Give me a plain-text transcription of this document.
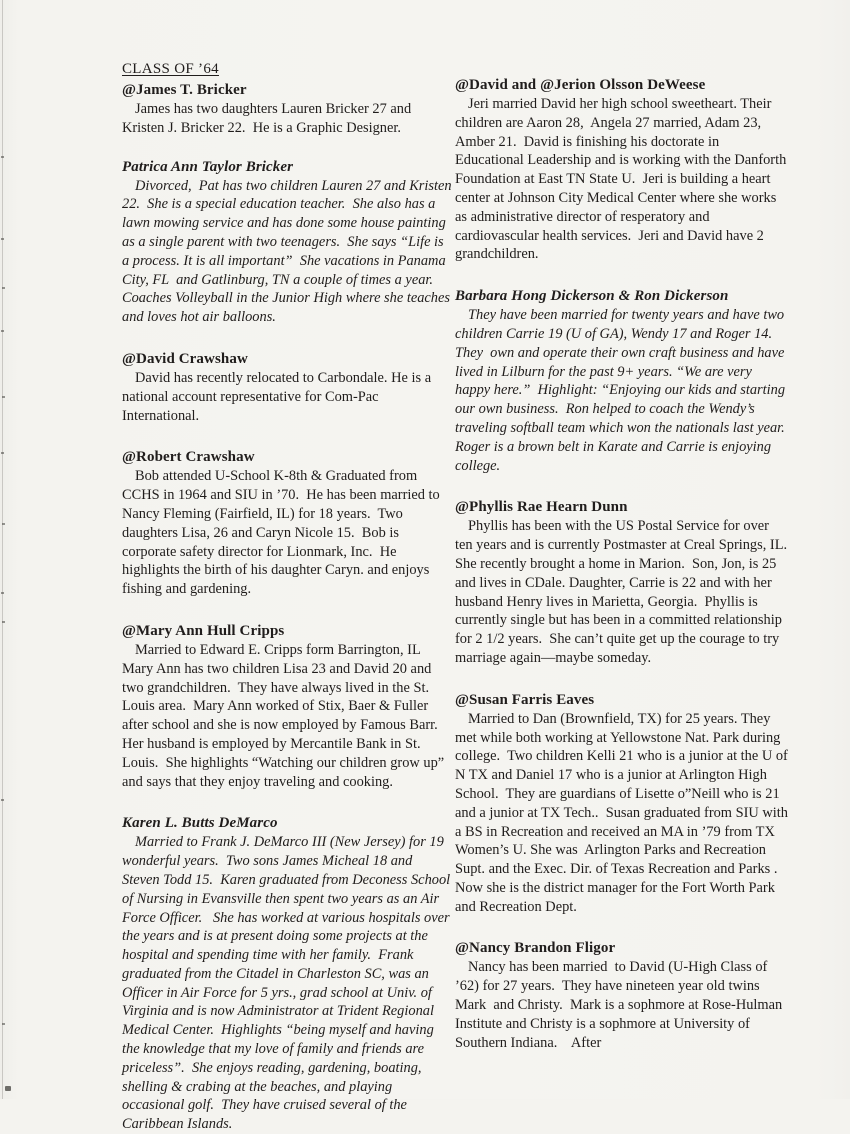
CLASS OF ’64

@James T. Bricker

James has two daughters Lauren Bricker 27 and Kristen J. Bricker 22.  He is a Graphic Designer.

Patrica Ann Taylor Bricker

Divorced,  Pat has two children Lauren 27 and Kristen 22.  She is a special education teacher.  She also has a lawn mowing service and has done some house painting as a single parent with two teenagers.  She says “Life is a process. It is all important”  She vacations in Panama City, FL  and Gatlinburg, TN a couple of times a year.  Coaches Volleyball in the Junior High where she teaches and loves hot air balloons.

@David Crawshaw

David has recently relocated to Carbondale. He is a national account representative for Com-Pac International.

@Robert Crawshaw

Bob attended U-School K-8th & Graduated from CCHS in 1964 and SIU in ’70.  He has been married to Nancy Fleming (Fairfield, IL) for 18 years.  Two daughters Lisa, 26 and Caryn Nicole 15.  Bob is corporate safety director for Lionmark, Inc.  He highlights the birth of his daughter Caryn. and enjoys fishing and gardening.

@Mary Ann Hull Cripps

Married to Edward E. Cripps form Barrington, IL  Mary Ann has two children Lisa 23 and David 20 and two grandchildren.  They have always lived in the St. Louis area.  Mary Ann worked of Stix, Baer & Fuller after school and she is now employed by Famous Barr.  Her husband is employed by Mercantile Bank in St. Louis.  She highlights “Watching our children grow up” and says that they enjoy traveling and cooking.

Karen L. Butts DeMarco

Married to Frank J. DeMarco III (New Jersey) for 19 wonderful years.  Two sons James Micheal 18 and Steven Todd 15.  Karen graduated from Deconess School of Nursing in Evansville then spent two years as an Air Force Officer.   She has worked at various hospitals over the years and is at present doing some projects at the hospital and spending time with her family.  Frank graduated from the Citadel in Charleston SC, was an Officer in Air Force for 5 yrs., grad school at Univ. of Virginia and is now Administrator at Trident Regional Medical Center.  Highlights “being myself and having the knowledge that my love of family and friends are priceless”.  She enjoys reading, gardening, boating, shelling & crabing at the beaches, and playing occasional golf.  They have cruised several of the  Caribbean Islands.

@David and @Jerion Olsson DeWeese

Jeri married David her high school sweetheart. Their children are Aaron 28,  Angela 27 married, Adam 23, Amber 21.  David is finishing his doctorate in Educational Leadership and is working with the Danforth Foundation at East TN State U.  Jeri is building a heart center at Johnson City Medical Center where she works as administrative director of resperatory and cardiovascular health services.  Jeri and David have 2 grandchildren.

Barbara Hong Dickerson & Ron Dickerson

They have been married for twenty years and have two children Carrie 19 (U of GA), Wendy 17 and Roger 14.  They  own and operate their own craft business and have lived in Lilburn for the past 9+ years. “We are very happy here.”  Highlight: “Enjoying our kids and starting our own business.  Ron helped to coach the Wendy’s traveling softball team which won the nationals last year.  Roger is a brown belt in Karate and Carrie is enjoying college.

@Phyllis Rae Hearn Dunn

Phyllis has been with the US Postal Service for over ten years and is currently Postmaster at Creal Springs, IL.  She recently brought a home in Marion.  Son, Jon, is 25 and lives in CDale. Daughter, Carrie is 22 and with her husband Henry lives in Marietta, Georgia.  Phyllis is currently single but has been in a committed relationship for 2 1/2 years.  She can’t quite get up the courage to try marriage again—maybe someday.

@Susan Farris Eaves

Married to Dan (Brownfield, TX) for 25 years. They met while both working at Yellowstone Nat. Park during college.  Two children Kelli 21 who is a junior at the U of N TX and Daniel 17 who is a junior at Arlington High School.  They are guardians of Lisette o”Neill who is 21 and a junior at TX Tech..  Susan graduated from SIU with a BS in Recreation and received an MA in ’79 from TX Women’s U. She was  Arlington Parks and Recreation Supt. and the Exec. Dir. of Texas Recreation and Parks .  Now she is the district manager for the Fort Worth Park and Recreation Dept.

@Nancy Brandon Fligor

Nancy has been married  to David (U-High Class of ’62) for 27 years.  They have nineteen year old twins  Mark  and Christy.  Mark is a sophmore at Rose-Hulman Institute and Christy is a sophmore at University of Southern Indiana.    After
